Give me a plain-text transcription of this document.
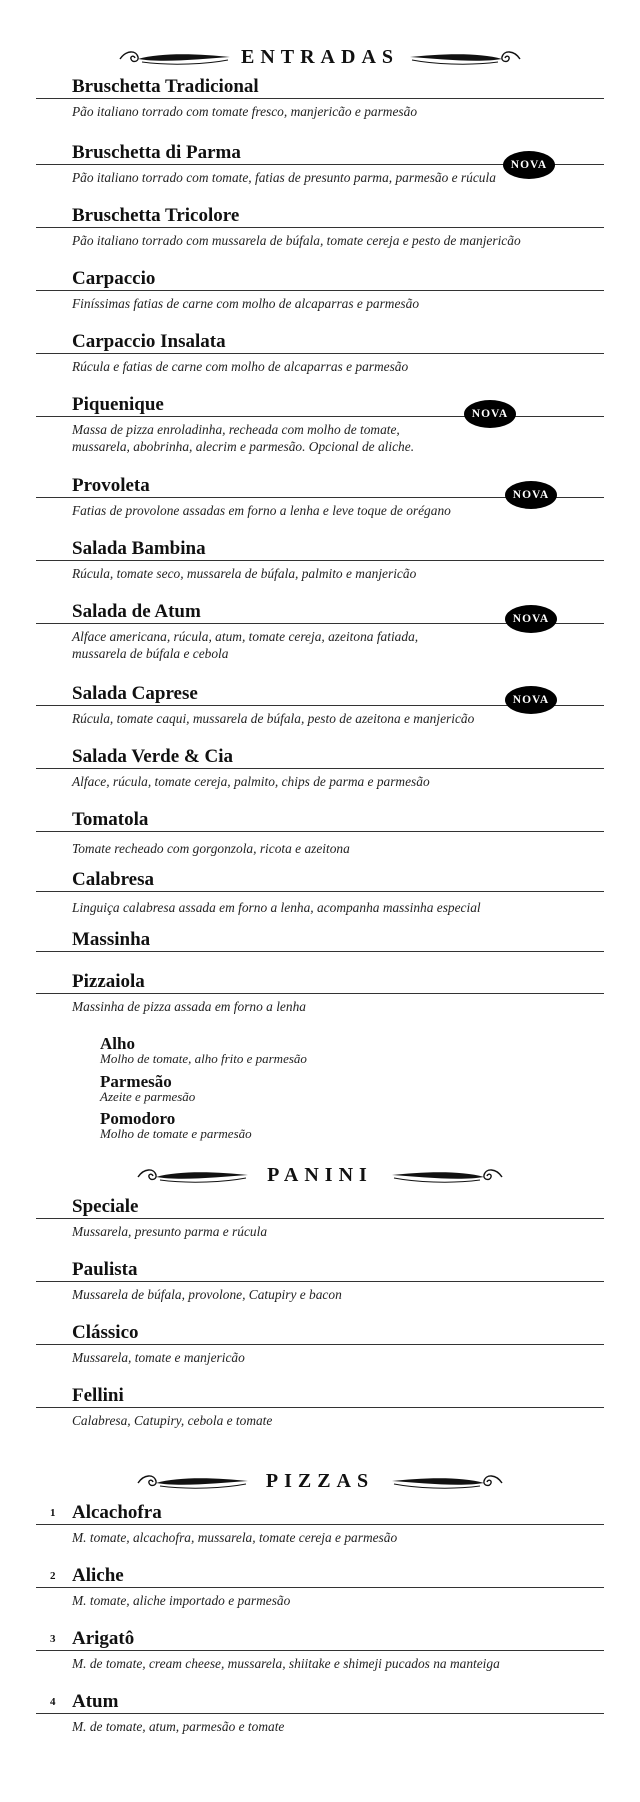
ENTRADAS
Bruschetta Tradicional
Pão italiano torrado com tomate fresco, manjericão e parmesão
Bruschetta di Parma
Pão italiano torrado com tomate, fatias de presunto parma, parmesão e rúcula
NOVA
Bruschetta Tricolore
Pão italiano torrado com mussarela de búfala, tomate cereja e pesto de manjericão
Carpaccio
Finíssimas fatias de carne com molho de alcaparras e parmesão
Carpaccio Insalata
Rúcula e fatias de carne com molho de alcaparras e parmesão
Piquenique
Massa de pizza enroladinha, recheada com molho de tomate, mussarela, abobrinha, alecrim e parmesão. Opcional de aliche.
NOVA
Provoleta
Fatias de provolone assadas em forno a lenha e leve toque de orégano
NOVA
Salada Bambina
Rúcula, tomate seco, mussarela de búfala, palmito e manjericão
Salada de Atum
Alface americana, rúcula, atum, tomate cereja, azeitona fatiada, mussarela de búfala e cebola
NOVA
Salada Caprese
Rúcula, tomate caqui, mussarela de búfala, pesto de azeitona e manjericão
NOVA
Salada Verde & Cia
Alface, rúcula, tomate cereja, palmito, chips de parma e parmesão
Tomatola
Tomate recheado com gorgonzola, ricota e azeitona
Calabresa
Linguiça calabresa assada em forno a lenha, acompanha massinha especial
Massinha
Pizzaiola
Massinha de pizza assada em forno a lenha
Alho
Molho de tomate, alho frito e parmesão
Parmesão
Azeite e parmesão
Pomodoro
Molho de tomate e parmesão
PANINI
Speciale
Mussarela, presunto parma e rúcula
Paulista
Mussarela de búfala, provolone, Catupiry e bacon
Clássico
Mussarela, tomate e manjericão
Fellini
Calabresa, Catupiry, cebola e tomate
PIZZAS
1 Alcachofra
M. tomate, alcachofra, mussarela, tomate cereja e parmesão
2 Aliche
M. tomate, aliche importado e parmesão
3 Arigatô
M. de tomate, cream cheese, mussarela, shiitake e shimeji pucados na manteiga
4 Atum
M. de tomate, atum, parmesão e tomate
